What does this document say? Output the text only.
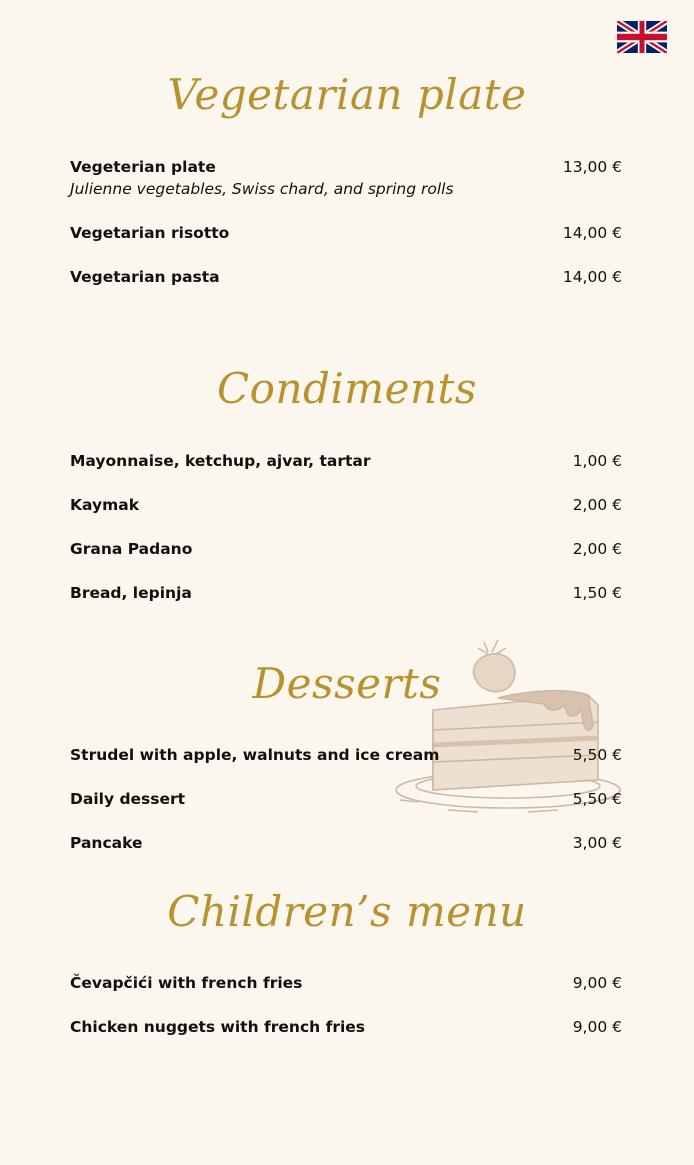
Vegetarian plate
Vegeterian plate	13,00 €
Julienne vegetables, Swiss chard, and spring rolls
Vegetarian risotto	14,00 €
Vegetarian pasta	14,00 €
Condiments
Mayonnaise, ketchup, ajvar, tartar	1,00 €
Kaymak	2,00 €
Grana Padano	2,00 €
Bread, lepinja	1,50 €
Desserts
Strudel with apple, walnuts and ice cream	5,50 €
Daily dessert	5,50 €
Pancake	3,00 €
Children’s menu
Čevapčići with french fries	9,00 €
Chicken nuggets with french fries	9,00 €
